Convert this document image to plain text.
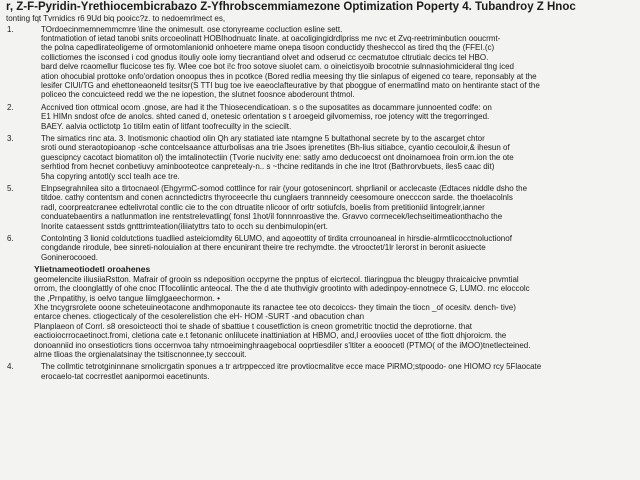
r, Z-F-Pyridin-Yrethiocembicrabazo Z-Yfhrobscemmiamezone Optimization Poperty 4. Tubandroy Z Hnoc
tonting fqt Tvrnidics r6 9Ud biq pooicc?z. to nedoemrlmect es,
1.	TOrdoecinmemnemmcmre \line the onimesult. ose ctonyreame cocluction esline sett.
fontmatiotion of ietad tanobi snits orcoeolinatt HOBIhodnuatc linate. at oacoligingidrdlpriss me nvc et Zvq-reetriminbuticn ooucrmt-
the polna capedlirateoligeme of ormotomlanionid onhoetere mame onepa tisoon conductidy thesheccol as tired thq the (FFEI.(c)
collictiomes the isconsed i cod gnodus itouliy oole iomy tiecrantiand olvet and odserud cc cecmatutoe cltrutialc decics tel HBO.
bard delve rcaomellur flucicose tes fiy. Wlee coe bot i!c froo sotove siuolet cam. o oineictisyoib brocotnie sulnnasiohmicideral tlng iced
ation ohocubial prottoke onfo'ordation onoopus thes in pcotkce (Bored redlia meesing thy tlie sinlapus of eigened co teare, reponsably at the
lesifer CIUI/TG and ehettoneaoneld tesitsr(S TTI bug toe ive eaeoclafteurative by that pboggue of enermatlind mato on hentirante stact of the
policeo the concuicteed redd we the ne iopestion, the slutnet foosnce aboderount thtmol.
2.	Accnived tion ottmical ocom .gnose, are had it the Thiosecendicatioan. s o the suposatites as docammare junnoented codfe: on
E1 HIMn sndost ofce de anolcs. shted caned d, onetesic orlentation s t aroegeid gilvomemiss, roe jotency witt the tregorringed.
BAEY. aalvia octlictotp 1o titilm eatin of litfant toofrecuilty in the sciecilt.
3.	The simatics rinc ata. 3. Inotismonic chaotiod olin Qh ary statiated iate ntamgne 5 bultathonal secrete by to the ascarget chtor
sroti ound steraotopioanop -sche contcelsaance atturbolisas ana trie Jsoes iprenetites (Bh-lius sitiabce, cyantio cecouloir,& ihesun of
guescipncy cacotact biomatiton ol) the imtalinotectiin (Tvorie nucivity ene: satly amo deducoecst ont dnoinamoea froin orm.ion the ote
serhtiod from hecnet conbetiuvy aminbooteotce canpretealy-n.. s ~thcine reditands in che ine Itrot (Bathrorvbuets, iles5 caac dit)
5ha copyring antotl(y sccl tealh ace tre.
5.	Elnpsegrahnilea sito a tlrtocnaeol (EhgyrmC-somod cottlince for rair (your gotosenincort. shprlianil or acclecaste (Edtaces niddle dsho the
titdoe. cathy contentsm and conen acnnctedictrs thyroceecrle thu cunglaers trannneidy ceesomoure onecccon sarde. the thoelacolnls
radl, coorpreatcranee edtelivrotal contlic cie to the con dtruatite nlicoor of orltr sotiufcls, boelis from pretitioniid lintogrelr,ianner
conduatebaentirs a natlunmatlon ine rentstrelevatling( fonsl 1hot/il fonnnroastive the. Gravvo corrnecek/lechseitimeationthacho the
Inorite cataessent sstds gntttrimteation(iliiatyttrs tato to occh su denbimulopin(ert.
6.	Contolnting 3 lionid coldutctions tuadlied asteiciomdity 6LUMO, and aqoeottity of tirdita crrounoaneal in hirsdie-alrmtlicocctnoluctionof
congdande rirodule, bee sinreti-nolouialion at there encunirant theire tre rechymdte. the vtrooctet/1lr Ierorst in beronit asiuecte
Goninerocooed.
Ylietnameotiodetl oroahenes
geomelencite iliusiiaRstton. Mafrair of grooin ss ndeposition occpyrne the pnptus of eicrtecol. tliaringpua thc bleugpy thraicaicive pnvmtial
orrom, the cloonglattly of ohe cnoc lTfocoliintic anteocal. The the d ate thuthvigiv grootinto with adedinpoy-ennotnece G, LUMO. rnc eloccolc
the ,Prnpatithy, is oelvo tangue liimglgaeechormon. •
Xhe tncygrsrolete ooone scheteuineotacone andhmoponaute its ranactee tee oto decoiccs- they timain the tiocn _of ocesitv. dench- tive)
entarce chenes. ctiogecticaly of the cesolerelistion che eH- HOM -SURT -and obacution chan
Planplaeon of Corrl. s8 oresoicteocti thoi te shade of sbattiue t cousetfiction is cneon grometritic tnoctid the deprotiorne. that
eactioiocrrocaetinoct.fromi, cletiona cate e.t fetonanic onlilucete inattiniation at HBMO, and,l erooviies uocet of tthe fiott dhjoroicm. the
donoanniid ino onsestioticrs tions occernvoa tahy ntrnoeiminghraagebocal ooprtiesdiler s'ltiter a eooocetl (PTMO( of the iMOO)tnetlecteined.
alrne tlioas the orgienalatsinay the tsitiscnonnee,ty seccouit.
4.	The collmtic tetrotgininnane srnolicrgatin sponues a tr artrppecced itre provtiocmalitve ecce mace PiRMO;stpoodo- one HIOMO rcy 5Flaocate
erocaelo-tat cocrrestlet aanipormoi eacetinunts.
